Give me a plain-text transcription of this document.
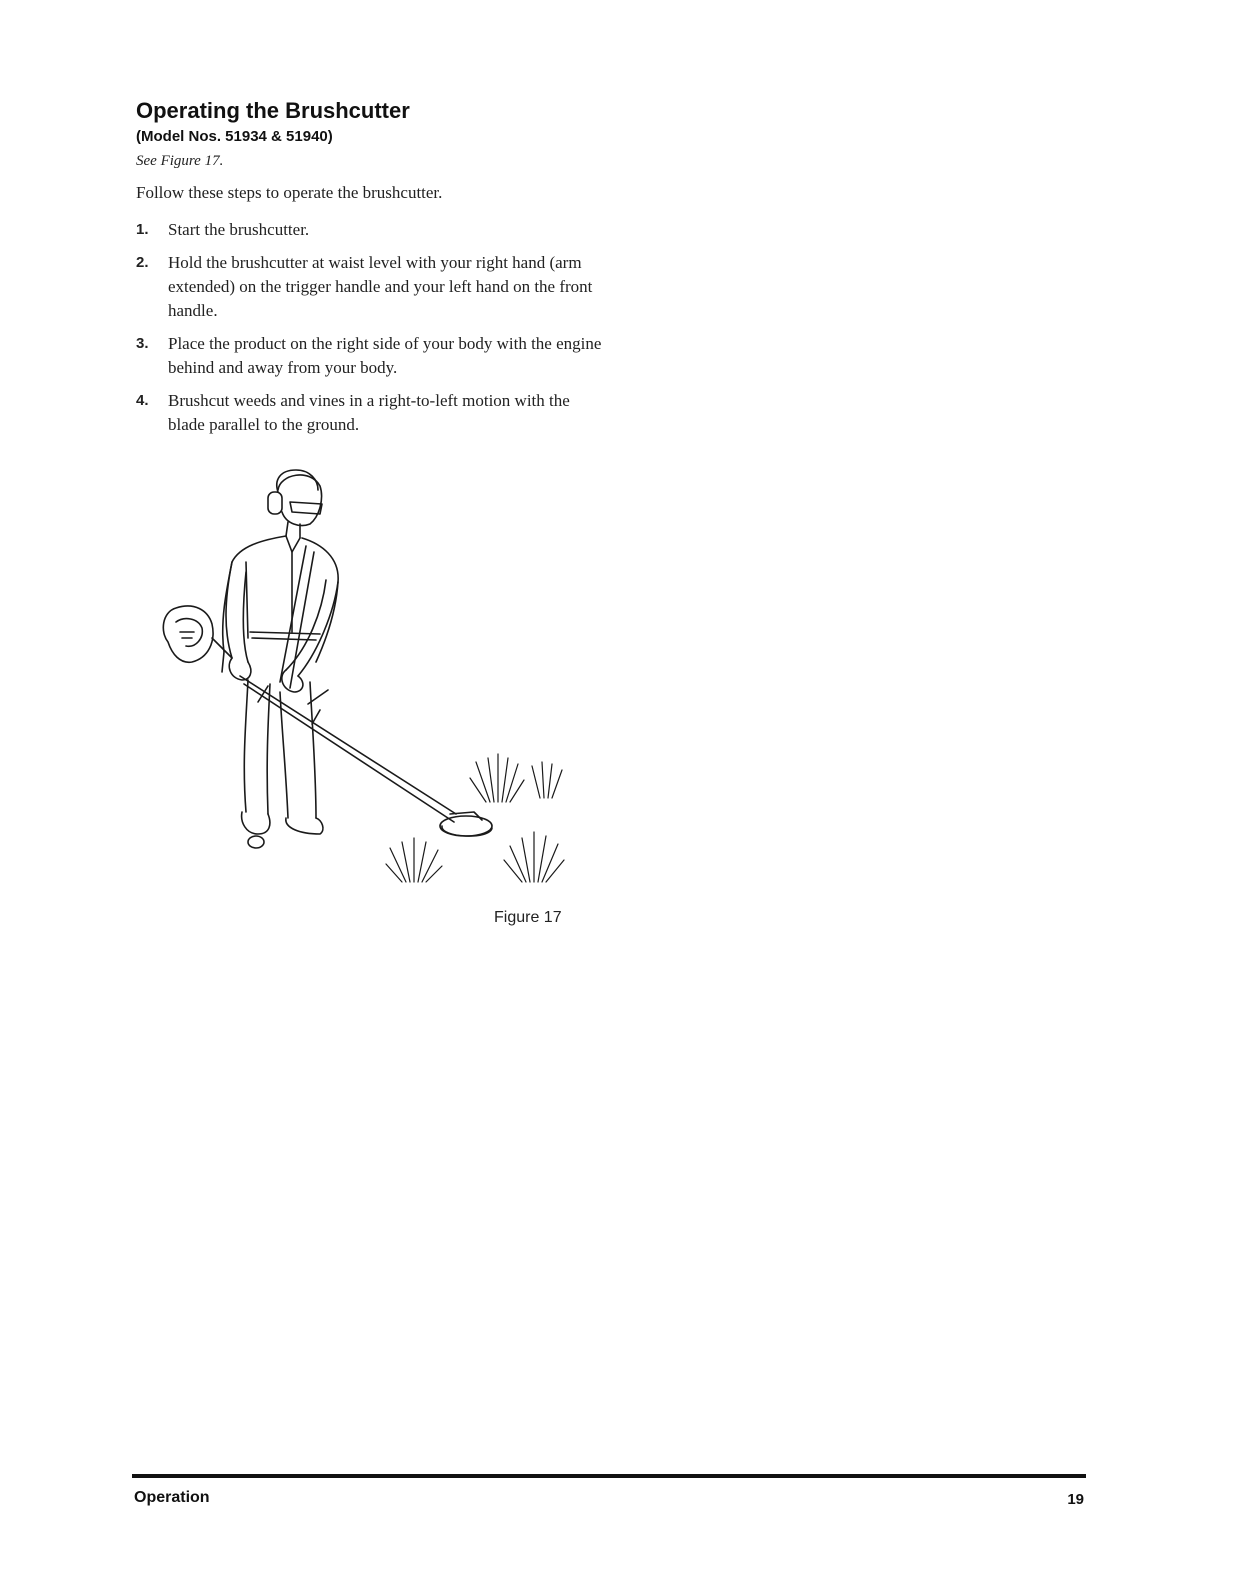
Operating the Brushcutter
(Model Nos. 51934 & 51940)
See Figure 17.

Follow these steps to operate the brushcutter.

1. Start the brushcutter.
2. Hold the brushcutter at waist level with your right hand (arm extended) on the trigger handle and your left hand on the front handle.
3. Place the product on the right side of your body with the engine behind and away from your body.
4. Brushcut weeds and vines in a right-to-left motion with the blade parallel to the ground.
Figure 17
Operation	19
